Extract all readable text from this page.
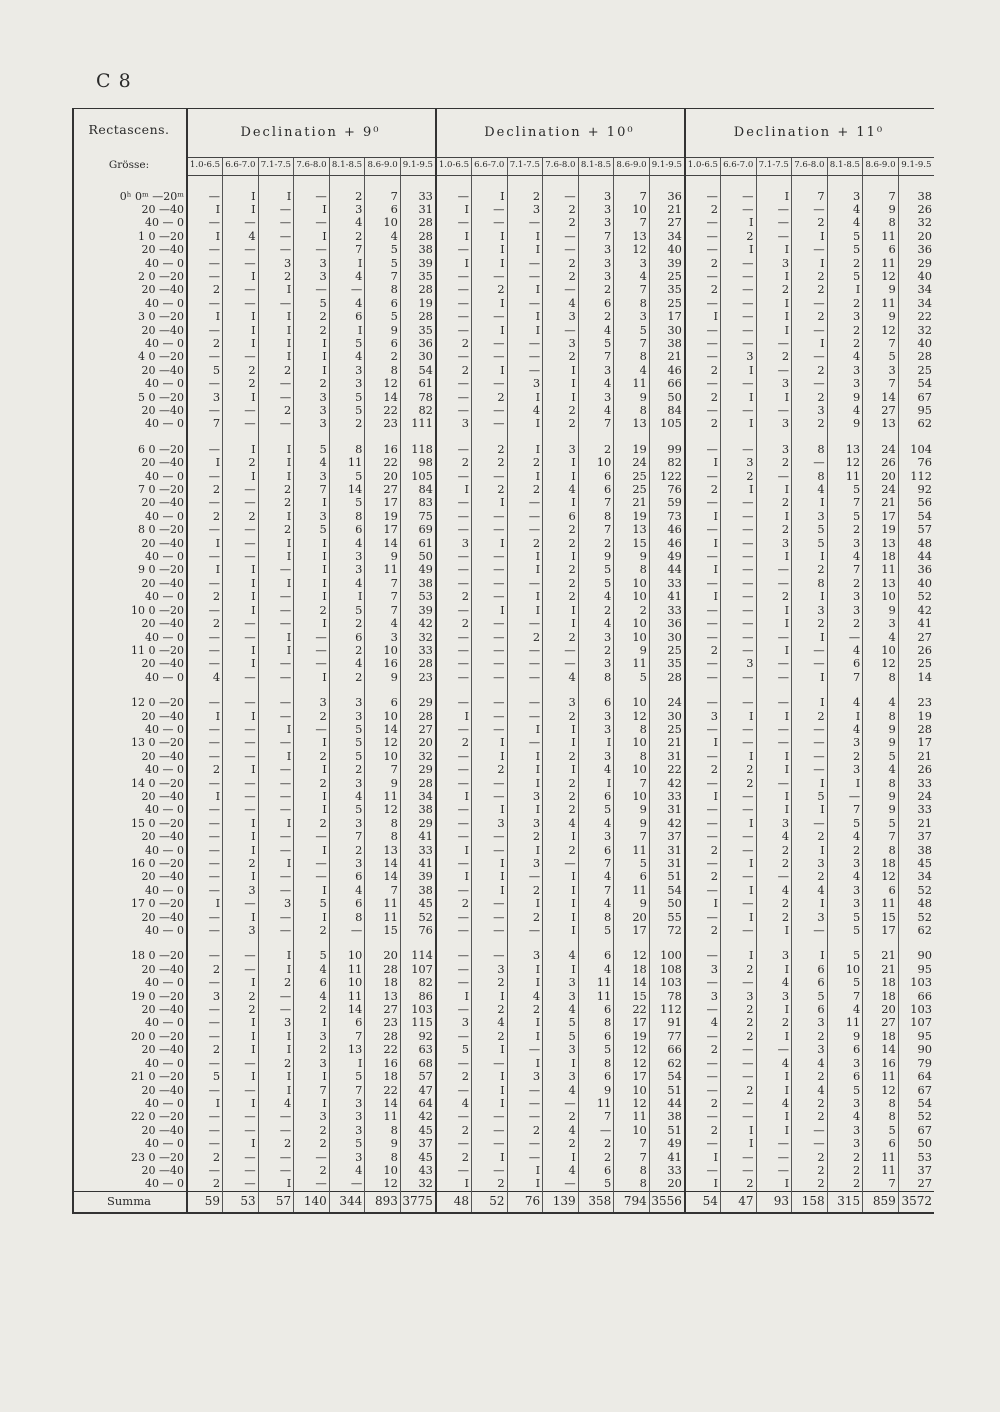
C 8
Rectascens.	Declination + 9⁰							Declination + 10⁰							Declination + 11⁰						
Grösse:	1.0-6.5	6.6-7.0	7.1-7.5	7.6-8.0	8.1-8.5	8.6-9.0	9.1-9.5	1.0-6.5	6.6-7.0	7.1-7.5	7.6-8.0	8.1-8.5	8.6-9.0	9.1-9.5	1.0-6.5	6.6-7.0	7.1-7.5	7.6-8.0	8.1-8.5	8.6-9.0	9.1-9.5

0ʰ 0ᵐ —20ᵐ	—	I	I	—	2	7	33	—	I	2	—	3	7	36	—	—	I	7	3	7	38
20 —40	I	I	—	I	3	6	31	I	—	3	2	3	10	21	2	—	—	—	4	9	26
40 — 0	—	—	—	—	4	10	28	—	—	—	2	3	7	27	—	I	—	2	4	8	32
1 0 —20	I	4	—	I	2	4	28	I	I	I	—	7	13	34	—	2	—	I	5	11	20
20 —40	—	—	—	—	7	5	38	—	I	I	—	3	12	40	—	I	I	—	5	6	36
40 — 0	—	—	3	3	I	5	39	I	I	—	2	3	3	39	2	—	3	I	2	11	29
2 0 —20	—	I	2	3	4	7	35	—	—	—	2	3	4	25	—	—	I	2	5	12	40
20 —40	2	—	I	—	—	8	28	—	2	I	—	2	7	35	2	—	2	2	I	9	34
40 — 0	—	—	—	5	4	6	19	—	I	—	4	6	8	25	—	—	I	—	2	11	34
3 0 —20	I	I	I	2	6	5	28	—	—	I	3	2	3	17	I	—	I	2	3	9	22
20 —40	—	I	I	2	I	9	35	—	I	I	—	4	5	30	—	—	I	—	2	12	32
40 — 0	2	I	I	I	5	6	36	2	—	—	3	5	7	38	—	—	—	I	2	7	40
4 0 —20	—	—	I	I	4	2	30	—	—	—	2	7	8	21	—	3	2	—	4	5	28
20 —40	5	2	2	I	3	8	54	2	I	—	I	3	4	46	2	I	—	2	3	3	25
40 — 0	—	2	—	2	3	12	61	—	—	3	I	4	11	66	—	—	3	—	3	7	54
5 0 —20	3	I	—	3	5	14	78	—	2	I	I	3	9	50	2	I	I	2	9	14	67
20 —40	—	—	2	3	5	22	82	—	—	4	2	4	8	84	—	—	—	3	4	27	95
40 — 0	7	—	—	3	2	23	111	3	—	I	2	7	13	105	2	I	3	2	9	13	62

6 0 —20	—	I	I	5	8	16	118	—	2	I	3	2	19	99	—	—	3	8	13	24	104
20 —40	I	2	I	4	11	22	98	2	2	2	I	10	24	82	I	3	2	—	12	26	76
40 — 0	—	I	I	3	5	20	105	—	—	I	I	6	25	122	—	2	—	8	11	20	112
7 0 —20	2	—	2	7	14	27	84	I	2	2	4	6	25	76	2	I	I	4	5	24	92
20 —40	—	—	2	I	5	17	83	—	I	—	I	7	21	59	—	—	2	I	7	21	56
40 — 0	2	2	I	3	8	19	75	—	—	—	6	8	19	73	I	—	I	3	5	17	54
8 0 —20	—	—	2	5	6	17	69	—	—	—	2	7	13	46	—	—	2	5	2	19	57
20 —40	I	—	I	I	4	14	61	3	I	2	2	2	15	46	I	—	3	5	3	13	48
40 — 0	—	—	I	I	3	9	50	—	—	I	I	9	9	49	—	—	I	I	4	18	44
9 0 —20	I	I	—	I	3	11	49	—	—	I	2	5	8	44	I	—	—	2	7	11	36
20 —40	—	I	I	I	4	7	38	—	—	—	2	5	10	33	—	—	—	8	2	13	40
40 — 0	2	I	—	I	I	7	53	2	—	I	2	4	10	41	I	—	2	I	3	10	52
10 0 —20	—	I	—	2	5	7	39	—	I	I	I	2	2	33	—	—	I	3	3	9	42
20 —40	2	—	—	I	2	4	42	2	—	—	I	4	10	36	—	—	I	2	2	3	41
40 — 0	—	—	I	—	6	3	32	—	—	2	2	3	10	30	—	—	—	I	—	4	27
11 0 —20	—	I	I	—	2	10	33	—	—	—	—	2	9	25	2	—	I	—	4	10	26
20 —40	—	I	—	—	4	16	28	—	—	—	—	3	11	35	—	3	—	—	6	12	25
40 — 0	4	—	—	I	2	9	23	—	—	—	4	8	5	28	—	—	—	I	7	8	14

12 0 —20	—	—	—	3	3	6	29	—	—	—	3	6	10	24	—	—	—	I	4	4	23
20 —40	I	I	—	2	3	10	28	I	—	—	2	3	12	30	3	I	I	2	I	8	19
40 — 0	—	—	I	—	5	14	27	—	—	I	I	3	8	25	—	—	—	—	4	9	28
13 0 —20	—	—	—	I	5	12	20	2	I	—	I	I	10	21	I	—	—	—	3	9	17
20 —40	—	—	I	2	5	10	32	—	I	I	2	3	8	31	—	I	I	—	2	5	21
40 — 0	2	I	—	I	2	7	29	—	2	I	I	4	10	22	2	2	I	—	3	4	26
14 0 —20	—	—	—	2	3	9	28	—	—	I	2	I	7	42	—	2	—	I	I	8	33
20 —40	I	—	—	I	4	11	34	I	—	3	2	6	10	33	I	—	I	5	—	9	24
40 — 0	—	—	—	I	5	12	38	—	I	I	2	5	9	31	—	—	I	I	7	9	33
15 0 —20	—	I	I	2	3	8	29	—	3	3	4	4	9	42	—	I	3	—	5	5	21
20 —40	—	I	—	—	7	8	41	—	—	2	I	3	7	37	—	—	4	2	4	7	37
40 — 0	—	I	—	I	2	13	33	I	—	I	2	6	11	31	2	—	2	I	2	8	38
16 0 —20	—	2	I	—	3	14	41	—	I	3	—	7	5	31	—	I	2	3	3	18	45
20 —40	—	I	—	—	6	14	39	I	I	—	I	4	6	51	2	—	—	2	4	12	34
40 — 0	—	3	—	I	4	7	38	—	I	2	I	7	11	54	—	I	4	4	3	6	52
17 0 —20	I	—	3	5	6	11	45	2	—	I	I	4	9	50	I	—	2	I	3	11	48
20 —40	—	I	—	I	8	11	52	—	—	2	I	8	20	55	—	I	2	3	5	15	52
40 — 0	—	3	—	2	—	15	76	—	—	—	I	5	17	72	2	—	I	—	5	17	62

18 0 —20	—	—	I	5	10	20	114	—	—	3	4	6	12	100	—	I	3	I	5	21	90
20 —40	2	—	I	4	11	28	107	—	3	I	I	4	18	108	3	2	I	6	10	21	95
40 — 0	—	I	2	6	10	18	82	—	2	I	3	11	14	103	—	—	4	6	5	18	103
19 0 —20	3	2	—	4	11	13	86	I	I	4	3	11	15	78	3	3	3	5	7	18	66
20 —40	—	2	—	2	14	27	103	—	2	2	4	6	22	112	—	2	I	6	4	20	103
40 — 0	—	I	3	I	6	23	115	3	4	I	5	8	17	91	4	2	2	3	11	27	107
20 0 —20	—	I	I	3	7	28	92	—	2	I	5	6	19	77	—	2	I	2	9	18	95
20 —40	2	I	I	2	13	22	63	5	I	—	3	5	12	66	2	—	—	3	6	14	90
40 — 0	—	—	2	3	I	16	68	—	—	I	I	8	12	62	—	—	4	4	3	16	79
21 0 —20	5	I	I	I	5	18	57	2	I	3	3	6	17	54	—	—	I	2	6	11	64
20 —40	—	—	I	7	7	22	47	—	I	—	4	9	10	51	—	2	I	4	5	12	67
40 — 0	I	I	4	I	3	14	64	4	I	—	—	11	12	44	2	—	4	2	3	8	54
22 0 —20	—	—	—	3	3	11	42	—	—	—	2	7	11	38	—	—	I	2	4	8	52
20 —40	—	—	—	2	3	8	45	2	—	2	4	—	10	51	2	I	I	—	3	5	67
40 — 0	—	I	2	2	5	9	37	—	—	—	2	2	7	49	—	I	—	—	3	6	50
23 0 —20	2	—	—	—	3	8	45	2	I	—	I	2	7	41	I	—	—	2	2	11	53
20 —40	—	—	—	2	4	10	43	—	—	I	4	6	8	33	—	—	—	2	2	11	37
40 — 0	2	—	I	—	—	12	32	I	2	I	—	5	8	20	I	2	I	2	2	7	27
Summa	59	53	57	140	344	893	3775	48	52	76	139	358	794	3556	54	47	93	158	315	859	3572
